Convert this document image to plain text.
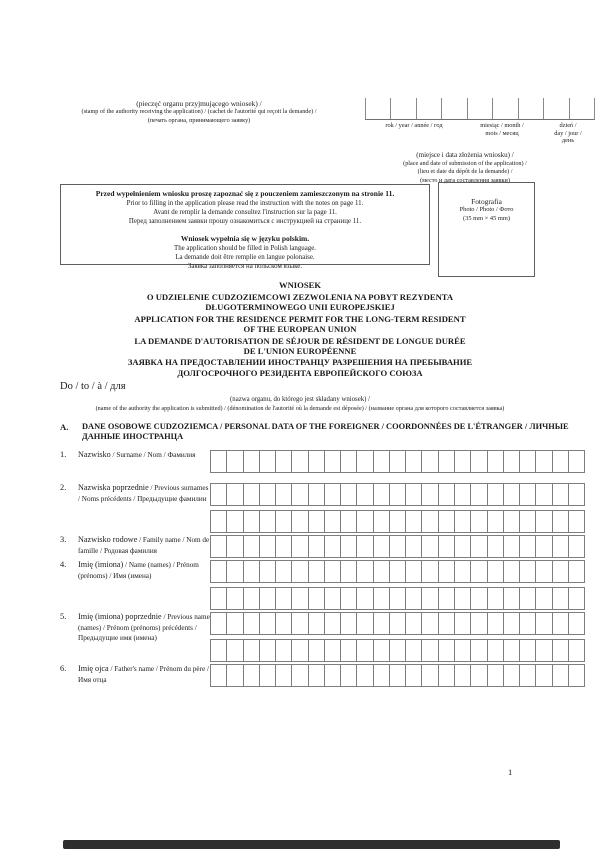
(pieczęć organu przyjmującego wniosek) /
(stamp of the authority receiving the application) / (cachet de l'autorité qui reçoit la demande) /
(печать органа, принимающего заявку)
rok / year / année / год	miesiąc / month /
mois / месяц
dzień /
day / jour /
день
(miejsce i data złożenia wniosku) /
(place and date of submission of the application) /
(lieu et date du dépôt de la demande) /
(место и дата составления заявки)
Przed wypełnieniem wniosku proszę zapoznać się z pouczeniem zamieszczonym na stronie 11.
Prior to filling in the application please read the instruction with the notes on page 11.
Avant de remplir la demande consultez l'instruction sur la page 11.
Перед заполнением заявки прошу ознакомиться с инструкцией на странице 11.
Wniosek wypełnia się w języku polskim.
The application should be filled in Polish language.
La demande doit être remplie en langue polonaise.
Заявка заполняется на польском языке.
Fotografia
Photo / Photo / Фото
(35 mm × 45 mm)
WNIOSEK
O UDZIELENIE CUDZOZIEMCOWI ZEZWOLENIA NA POBYT REZYDENTA
DŁUGOTERMINOWEGO UNII EUROPEJSKIEJ
APPLICATION FOR THE RESIDENCE PERMIT FOR THE LONG-TERM RESIDENT
OF THE EUROPEAN UNION
LA DEMANDE D'AUTORISATION DE SÉJOUR DE RÉSIDENT DE LONGUE DURÉE
DE L'UNION EUROPÉENNE
ЗАЯВКА НА ПРЕДОСТАВЛЕНИИ ИНОСТРАНЦУ РАЗРЕШЕНИЯ НА ПРЕБЫВАНИЕ
ДОЛГОСРОЧНОГО РЕЗИДЕНТА ЕВРОПЕЙСКОГО СОЮЗА
Do / to / à / для
(nazwa organu, do którego jest składany wniosek) /
(name of the authority the application is submitted) / (dénomination de l'autorité où la demande est déposée) / (название органа для которого составляется заявка)
A.	DANE OSOBOWE CUDZOZIEMCA / PERSONAL DATA OF THE FOREIGNER / COORDONNÉES DE L'ÉTRANGER / ЛИЧНЫЕ ДАННЫЕ ИНОСТРАНЦА
1.	Nazwisko / Surname / Nom / Фамилия
2.	Nazwiska poprzednie / Previous surnames / Noms précédents / Предыдущие фамилии
3.	Nazwisko rodowe / Family name / Nom de famille / Родовая фамилия
4.	Imię (imiona) / Name (names) / Prénom (prénoms) / Имя (имена)
5.	Imię (imiona) poprzednie / Previous name (names) / Prénom (prénoms) précédents / Предыдущие имя (имена)
6.	Imię ojca / Father's name / Prénom du père / Имя отца
1
